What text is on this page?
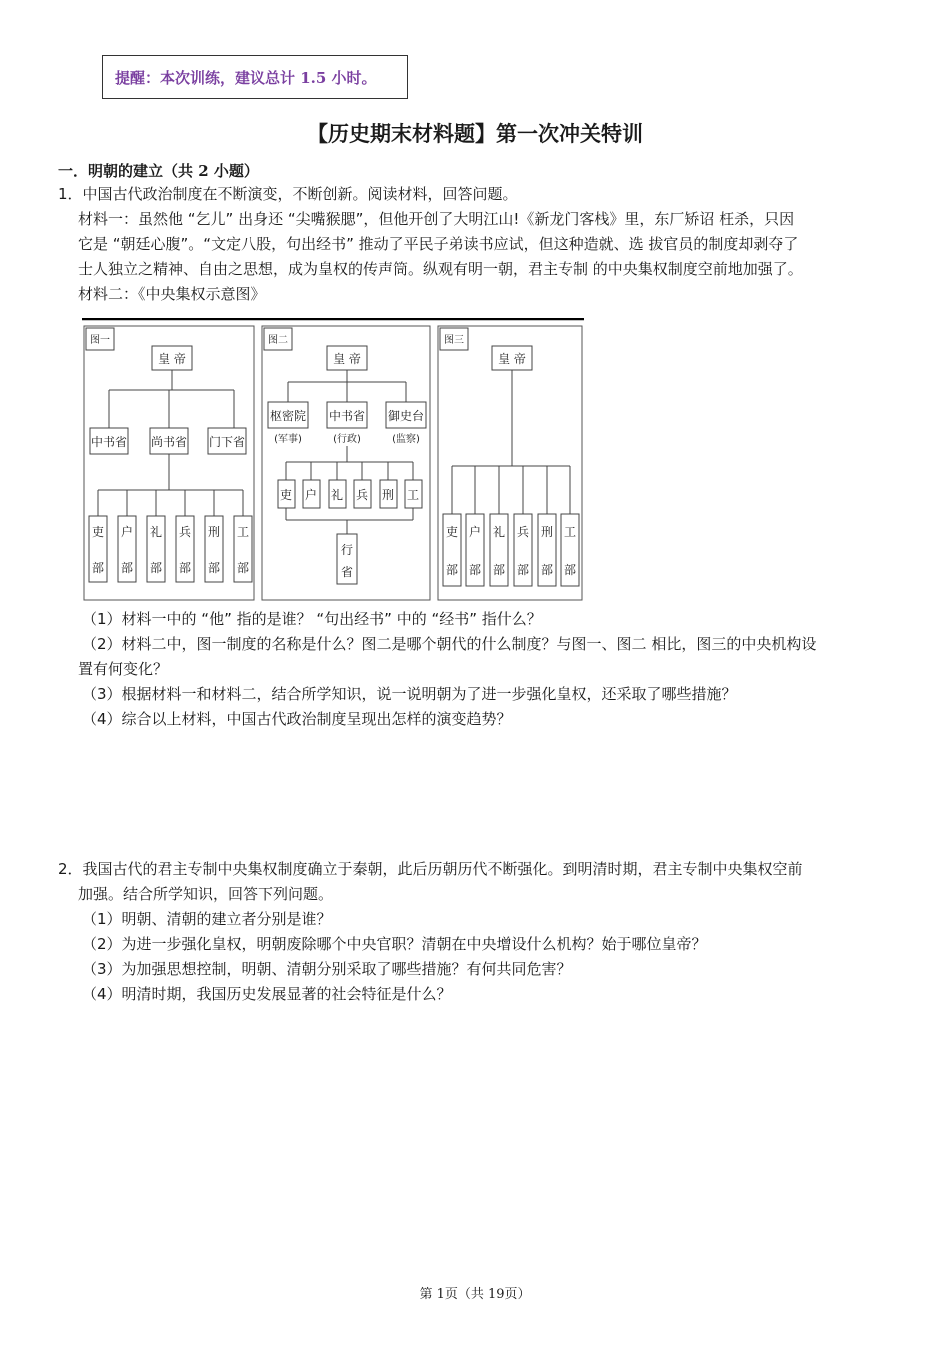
提醒：本次训练，建议总计 1.5 小时。
【历史期末材料题】第一次冲关特训
一．明朝的建立（共 2 小题）
1．中国古代政治制度在不断演变，不断创新。阅读材料，回答问题。
材料一：虽然他 “乞儿” 出身还 “尖嘴猴腮”，但他开创了大明江山!《新龙门客栈》里，东厂矫诏 枉杀，只因
它是 “朝廷心腹”。“文定八股，句出经书” 推动了平民子弟读书应试，但这种造就、选 拔官员的制度却剥夺了
士人独立之精神、自由之思想，成为皇权的传声筒。纵观有明一朝，君主专制 的中央集权制度空前地加强了。
材料二：《中央集权示意图》
图一
皇 帝
中书省 尚书省 门下省
吏部
户部
礼部
兵部
刑部
工部
图二
皇 帝
枢密院 中书省 御史台
(军事)	(行政)	(监察)
吏 户 礼 兵 刑 工
行省
图三
皇 帝
吏部
户部
礼部
兵部
刑部
工部
（1）材料一中的 “他” 指的是谁？ “句出经书” 中的 “经书” 指什么？
（2）材料二中，图一制度的名称是什么？图二是哪个朝代的什么制度？与图一、图二 相比，图三的中央机构设
置有何变化？
（3）根据材料一和材料二，结合所学知识，说一说明朝为了进一步强化皇权，还采取了哪些措施？
（4）综合以上材料，中国古代政治制度呈现出怎样的演变趋势？
2．我国古代的君主专制中央集权制度确立于秦朝，此后历朝历代不断强化。到明清时期，君主专制中央集权空前
加强。结合所学知识，回答下列问题。
（1）明朝、清朝的建立者分别是谁？
（2）为进一步强化皇权，明朝废除哪个中央官职？清朝在中央增设什么机构？始于哪位皇帝？
（3）为加强思想控制，明朝、清朝分别采取了哪些措施？有何共同危害？
（4）明清时期，我国历史发展显著的社会特征是什么？
第 1页（共 19页）
